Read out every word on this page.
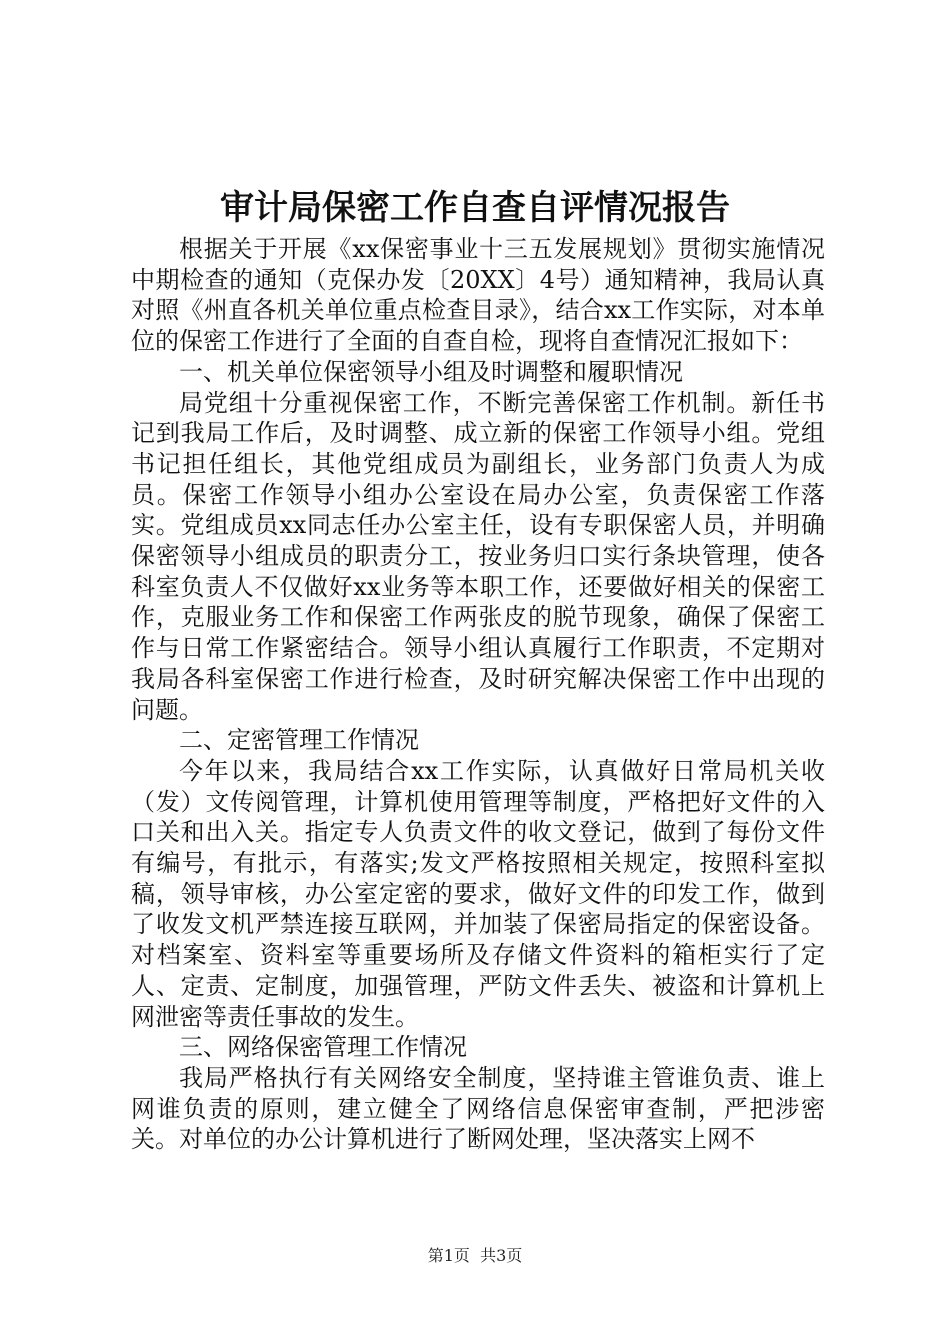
审计局保密工作自查自评情况报告

根据关于开展《xx保密事业十三五发展规划》贯彻实施情况中期检查的通知（克保办发〔20XX〕4号）通知精神，我局认真对照《州直各机关单位重点检查目录》，结合xx工作实际，对本单位的保密工作进行了全面的自查自检，现将自查情况汇报如下：

一、机关单位保密领导小组及时调整和履职情况

局党组十分重视保密工作，不断完善保密工作机制。新任书记到我局工作后，及时调整、成立新的保密工作领导小组。党组书记担任组长，其他党组成员为副组长，业务部门负责人为成员。保密工作领导小组办公室设在局办公室，负责保密工作落实。党组成员xx同志任办公室主任，设有专职保密人员，并明确保密领导小组成员的职责分工，按业务归口实行条块管理，使各科室负责人不仅做好xx业务等本职工作，还要做好相关的保密工作，克服业务工作和保密工作两张皮的脱节现象，确保了保密工作与日常工作紧密结合。领导小组认真履行工作职责，不定期对我局各科室保密工作进行检查，及时研究解决保密工作中出现的问题。

二、定密管理工作情况

今年以来，我局结合xx工作实际，认真做好日常局机关收（发）文传阅管理，计算机使用管理等制度，严格把好文件的入口关和出入关。指定专人负责文件的收文登记，做到了每份文件有编号，有批示，有落实;发文严格按照相关规定，按照科室拟稿，领导审核，办公室定密的要求，做好文件的印发工作，做到了收发文机严禁连接互联网，并加装了保密局指定的保密设备。对档案室、资料室等重要场所及存储文件资料的箱柜实行了定人、定责、定制度，加强管理，严防文件丢失、被盗和计算机上网泄密等责任事故的发生。

三、网络保密管理工作情况

我局严格执行有关网络安全制度，坚持谁主管谁负责、谁上网谁负责的原则，建立健全了网络信息保密审查制，严把涉密关。对单位的办公计算机进行了断网处理，坚决落实上网不

第1页  共3页
